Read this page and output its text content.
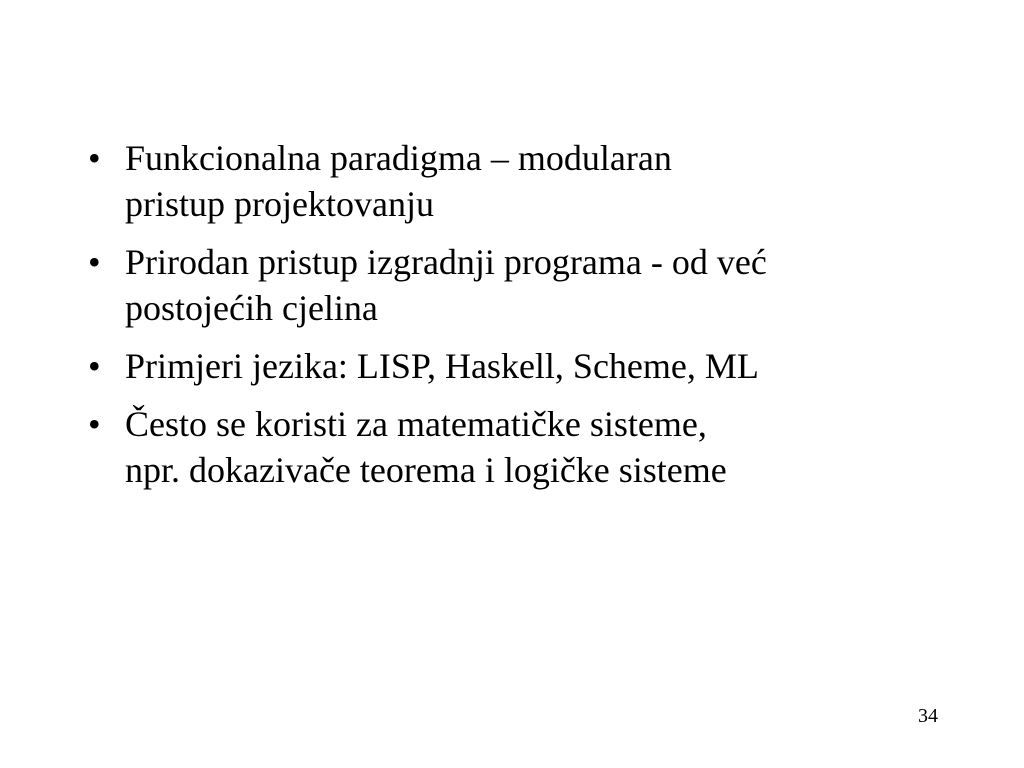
• Funkcionalna paradigma – modularan
pristup projektovanju
• Prirodan pristup izgradnji programa - od već
postojećih cjelina
• Primjeri jezika: LISP, Haskell, Scheme, ML
• Često se koristi za matematičke sisteme,
npr. dokazivače teorema i logičke sisteme
34
